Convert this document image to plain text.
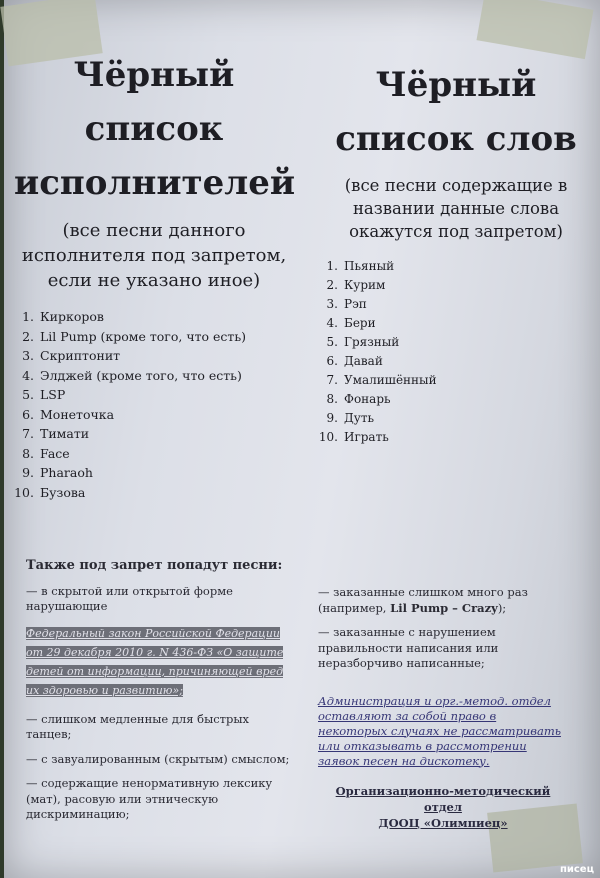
Чёрный
список
исполнителей

(все песни данного исполнителя под запретом, если не указано иное)

1. Киркоров
2. Lil Pump (кроме того, что есть)
3. Скриптонит
4. Элджей (кроме того, что есть)
5. LSP
6. Монеточка
7. Тимати
8. Face
9. Pharaoh
10. Бузова

Чёрный
список слов

(все песни содержащие в названии данные слова окажутся под запретом)

1. Пьяный
2. Курим
3. Рэп
4. Бери
5. Грязный
6. Давай
7. Умалишённый
8. Фонарь
9. Дуть
10. Играть
Также под запрет попадут песни:

— в скрытой или открытой форме нарушающие

Федеральный закон Российской Федерации от 29 декабря 2010 г. N 436-ФЗ «О защите детей от информации, причиняющей вред их здоровью и развитию»;

— слишком медленные для быстрых танцев;

— с завуалированным (скрытым) смыслом;

— содержащие ненормативную лексику (мат), расовую или этническую дискриминацию;

— заказанные слишком много раз (например, Lil Pump – Crazy);

— заказанные с нарушением правильности написания или неразборчиво написанные;

Администрация и орг.-метод. отдел оставляют за собой право в некоторых случаях не рассматривать или отказывать в рассмотрении заявок песен на дискотеку.
Организационно-методический отдел
ДООЦ «Олимпиец»
писец
